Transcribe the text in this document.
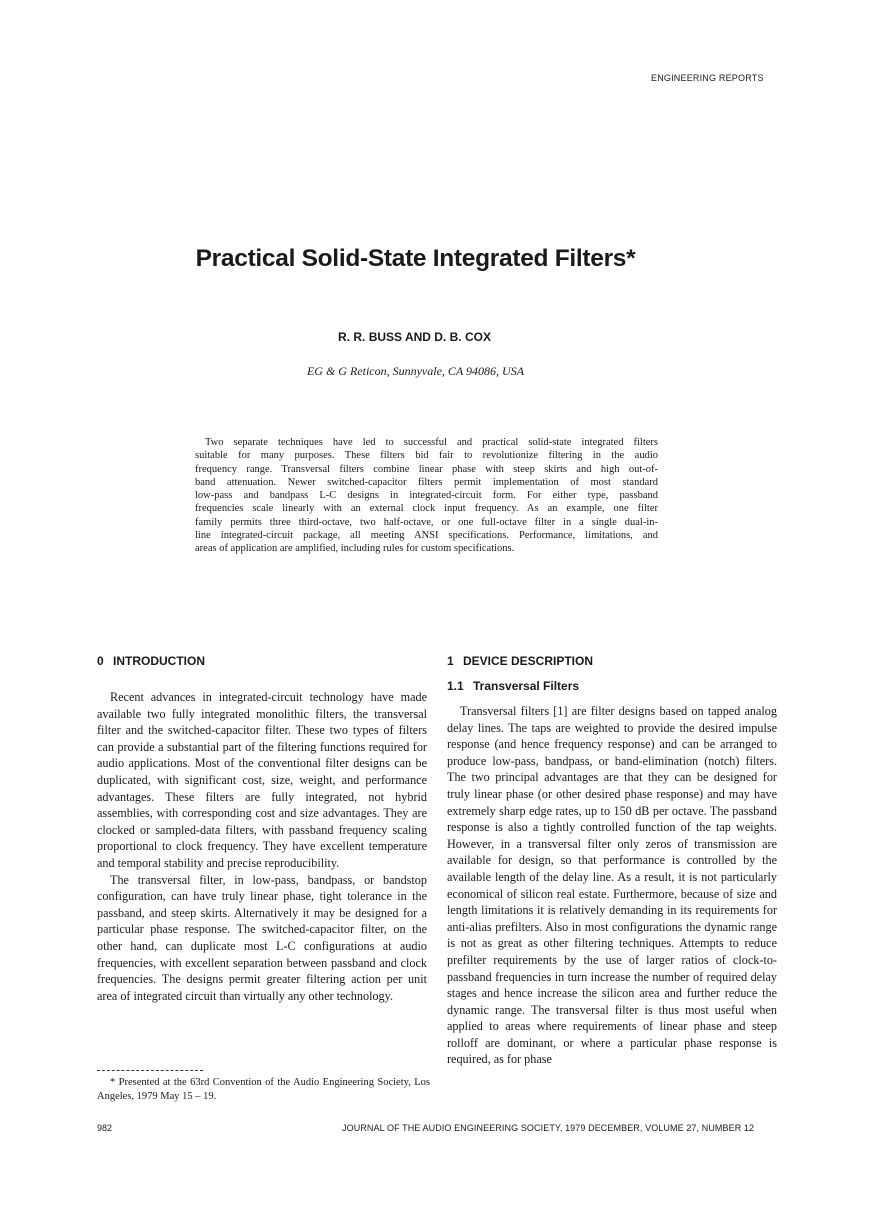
ENGINEERING REPORTS
Practical Solid-State Integrated Filters*
R. R. BUSS AND D. B. COX
EG & G Reticon, Sunnyvale, CA 94086, USA
Two separate techniques have led to successful and practical solid-state integrated filters
suitable for many purposes. These filters bid fair to revolutionize filtering in the audio
frequency range. Transversal filters combine linear phase with steep skirts and high out-of-
band attenuation. Newer switched-capacitor filters permit implementation of most standard
low-pass and bandpass L-C designs in integrated-circuit form. For either type, passband
frequencies scale linearly with an external clock input frequency. As an example, one filter
family permits three third-octave, two half-octave, or one full-octave filter in a single dual-in-
line integrated-circuit package, all meeting ANSI specifications. Performance, limitations, and
areas of application are amplified, including rules for custom specifications.
0 INTRODUCTION

Recent advances in integrated-circuit technology have made available two fully integrated monolithic filters, the transversal filter and the switched-capacitor filter. These two types of filters can provide a substantial part of the filtering functions required for audio applications. Most of the conventional filter designs can be duplicated, with significant cost, size, weight, and performance advantages. These filters are fully integrated, not hybrid assemblies, with corresponding cost and size advantages. They are clocked or sampled-data filters, with passband frequency scaling proportional to clock frequency. They have excellent temperature and temporal stability and precise reproducibility.

The transversal filter, in low-pass, bandpass, or bandstop configuration, can have truly linear phase, tight tolerance in the passband, and steep skirts. Alternatively it may be designed for a particular phase response. The switched-capacitor filter, on the other hand, can duplicate most L-C configurations at audio frequencies, with excellent separation between passband and clock frequencies. The designs permit greater filtering action per unit area of integrated circuit than virtually any other technology.

* Presented at the 63rd Convention of the Audio Engineering Society, Los Angeles, 1979 May 15 – 19.

1 DEVICE DESCRIPTION
1.1 Transversal Filters

Transversal filters [1] are filter designs based on tapped analog delay lines. The taps are weighted to provide the desired impulse response (and hence frequency response) and can be arranged to produce low-pass, bandpass, or band-elimination (notch) filters. The two principal advantages are that they can be designed for truly linear phase (or other desired phase response) and may have extremely sharp edge rates, up to 150 dB per octave. The passband response is also a tightly controlled function of the tap weights. However, in a transversal filter only zeros of transmission are available for design, so that performance is controlled by the available length of the delay line. As a result, it is not particularly economical of silicon real estate. Furthermore, because of size and length limitations it is relatively demanding in its requirements for anti-alias prefilters. Also in most configurations the dynamic range is not as great as other filtering techniques. Attempts to reduce prefilter requirements by the use of larger ratios of clock-to-passband frequencies in turn increase the number of required delay stages and hence increase the silicon area and further reduce the dynamic range. The transversal filter is thus most useful when applied to areas where requirements of linear phase and steep rolloff are dominant, or where a particular phase response is required, as for phase

982	JOURNAL OF THE AUDIO ENGINEERING SOCIETY, 1979 DECEMBER, VOLUME 27, NUMBER 12
